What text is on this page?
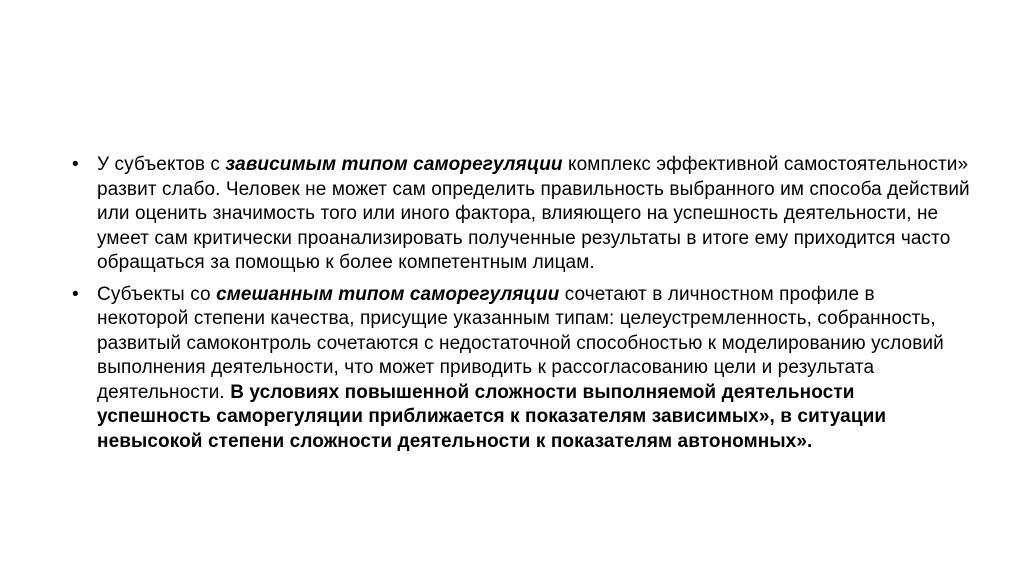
• У субъектов с зависимым типом саморегуляции комплекс эффективной самостоятельности» развит слабо. Человек не может сам определить правильность выбранного им способа действий или оценить значимость того или иного фактора, влияющего на успешность деятельности, не умеет сам критически проанализировать полученные результаты в итоге ему приходится часто обращаться за помощью к более компетентным лицам.
• Субъекты со смешанным типом саморегуляции сочетают в личностном профиле в некоторой степени качества, присущие указанным типам: целеустремленность, собранность, развитый самоконтроль сочетаются с недостаточной способностью к моделированию условий выполнения деятельности, что может приводить к рассогласованию цели и результата деятельности. В условиях повышенной сложности выполняемой деятельности успешность саморегуляции приближается к показателям зависимых», в ситуации невысокой степени сложности деятельности к показателям автономных».
